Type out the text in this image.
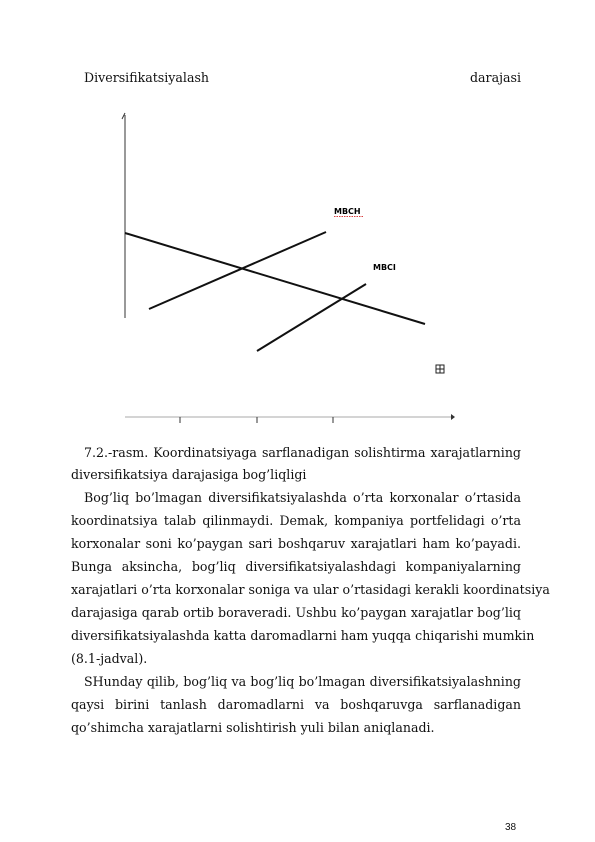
Diversifikatsiyalash	darajasi
MBCH
MBCI
7.2.-rasm. Koordinatsiyaga sarflanadigan solishtirma xarajatlarning
diversifikatsiya darajasiga bog’liqligi
Bog’liq bo’lmagan diversifikatsiyalashda o’rta korxonalar o’rtasida
koordinatsiya talab qilinmaydi. Demak, kompaniya portfelidagi o’rta
korxonalar soni ko’paygan sari boshqaruv xarajatlari ham ko’payadi.
Bunga aksincha, bog’liq diversifikatsiyalashdagi kompaniyalarning
xarajatlari o’rta korxonalar soniga va ular o’rtasidagi kerakli koordinatsiya
darajasiga qarab ortib boraveradi. Ushbu ko’paygan xarajatlar bog’liq
diversifikatsiyalashda katta daromadlarni ham yuqqa chiqarishi mumkin
(8.1-jadval).
SHunday qilib, bog’liq va bog’liq bo’lmagan diversifikatsiyalashning
qaysi birini tanlash daromadlarni va boshqaruvga sarflanadigan
qo’shimcha xarajatlarni solishtirish yuli bilan aniqlanadi.
38
